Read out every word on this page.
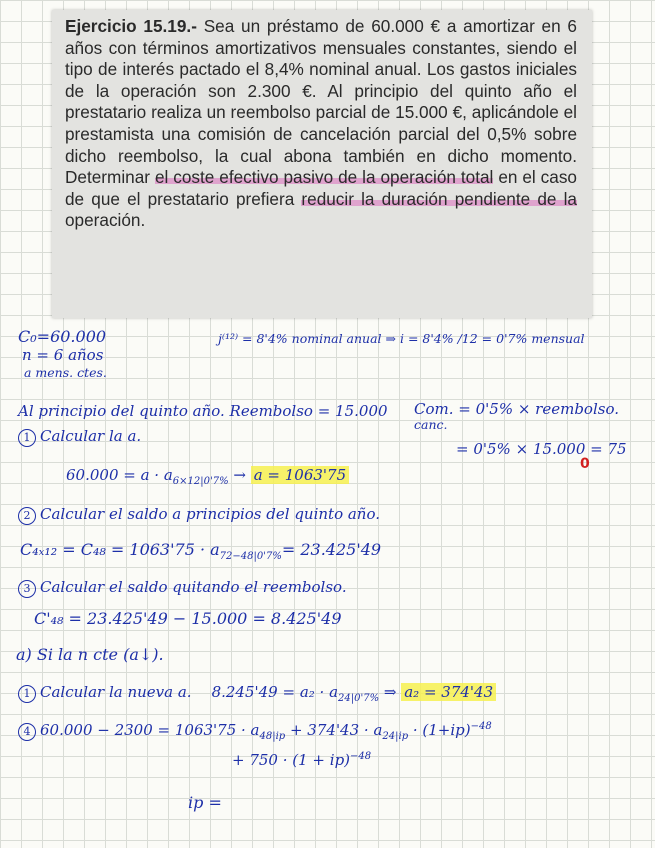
Ejercicio 15.19.- Sea un préstamo de 60.000 € a amortizar en 6 años con términos amortizativos mensuales constantes, siendo el tipo de interés pactado el 8,4% nominal anual. Los gastos iniciales de la operación son 2.300 €. Al principio del quinto año el prestatario realiza un reembolso parcial de 15.000 €, aplicándole el prestamista una comisión de cancelación parcial del 0,5% sobre dicho reembolso, la cual abona también en dicho momento. Determinar el coste efectivo pasivo de la operación total en el caso de que el prestatario prefiera reducir la duración pendiente de la operación.

C₀=60.000
n = 6 años
a mens. ctes.
j⁽¹²⁾ = 8'4% nominal anual ⇒ i = 8'4% /12 = 0'7% mensual
Al principio del quinto año. Reembolso = 15.000 Com. = 0'5% × reembolso.
canc.
1 Calcular la a.
= 0'5% × 15.000 = 75
0
$60.000 = a \cdot a_{6\times 12|0'7\%} \to a = 1063'75$
2 Calcular el saldo a principios del quinto año.
$C_{4x12} = C_{48} = 1063'75 \cdot a_{72-48|0'7\%}= 23.425'49$
3 Calcular el saldo quitando el reembolso.
C'₄₈ = 23.425'49 − 15.000 = 8.425'49
a) Si la n cte (a↓).
1 Calcular la nueva a. $8.245'49 = a_2 \cdot a_{24|0'7\%}$ ⇒ a₂ = 374'43
4 $60.000 - 2300 = 1063'75 \cdot a_{48|ip} + 374'43 \cdot a_{24|ip} \cdot (1+ip)^{-48}$
+ 750 · (1 + ip)$^{-48}$
ip =
